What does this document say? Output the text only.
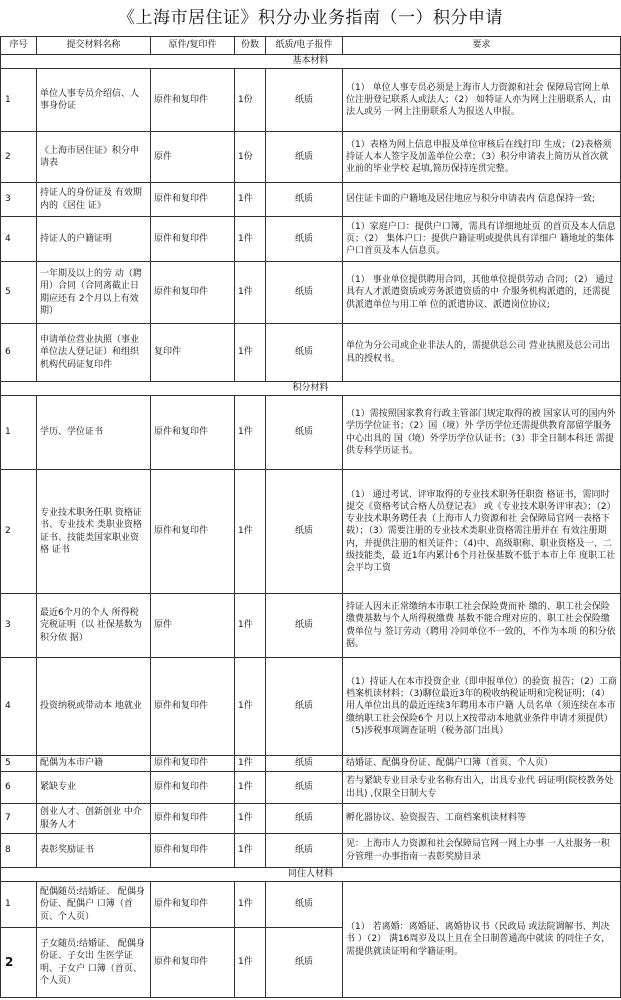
《上海市居住证》积分办业务指南（一）积分申请
序号	提交材料名称	原件/复印件	份数	纸质/电子报件	要求
基本材料					
1	单位人事专员介绍信、人事身份证	原件和复印件	1份	纸质	（1） 单位人事专员必须是上海市人力资源和社会 保障局官网上单位注册登记联系人或法人；（2） 如特证人亦为网上注册联系人，由法人或另 一网上注册联系人为报送人申报。
2	《上海市居住证》积分申请表	原件	1份	纸质	（1）表格为网上信息申报及单位审核后在线打印 生成；（2)表格须持证人本人签字及加盖单位公章；（3）积分申请表上简历从首次就业前的毕业学校 起填,简历保持连贯完整。
3	持证人的身份证及 有效期内的《居住 证》	原件和复印件	1件	纸质	居住证卡面的户籍地及居住地应与积分申请表内 信息保持一致;
4	持证人的户籍证明	原件和复印件	1件	纸质	（1）家庭户口：提供户口簿，需具有详细地址页 的首页及本人信息页；（2） 集体户口：提供户籍证明或提供具有详细户 籍地址的集体户口首页及本人信息页。
5	一年期及以上的劳 动（聘用）合同（合同离截止日期应还有 2个月以上有效期）	原件和复印件	1件	纸质	（1） 事业单位提供聘用合同，其他单位提供劳动 合同；（2） 通过具有人才派遣资质或劳务派遣资质的中 介服务机构派遣的，还需提供派遣单位与用工单 位的派遣协议、派遣岗位协议;
6	申请单位营业执照（事业单位法人登记证）和组织机构代码证复印件	复印件	1件	纸质	单位为分公司或企业非法人的，需提供总公司 营业执照及总公司出具的授权书。
积分材料					
1	学历、学位证书	原件和复印件	1件	纸质	（1）需按照国家教育行政主管部门规定取得的被 国家认可的国内外学历学位证书；（2）国（境）外 学历学位还需提供教育部留学服务中心出具的 国（境）外学历学位认证书；（3）非全日制本科还 需提供专科学历证书。
2	专业技术职务任职 资格证书、专业技术 类职业资格证书、技能类国家职业资格 证书	原件和复印件	1件	纸质	（1） 通过考试、评审取得的专业技术职务任职资 格证书，需同时提交《资格考试合格人员登记表》 或《专业技术职务评审表》；（2） 专业技术职务聘任表（上海市人力资源和社 会保障局官网一表格下载）；（3）需要注册的专业技术类职业资格需注册并在 有效注册期内，并提供注册的相关证件；（4)中、高级职称、职业资格及一、二级技能类，最 近1年内累计6个月社保基数不低于本市上年 度职工社会平均工资
3	最近6个月的个人 所得税完税证明（以 社保基数为积分依 据）	原件	1件	纸质	持证人因未正常缴纳本市职工社会保险费而补 缴的、职工社会保险缴费基数与个人所得税缴费 基数不能合理对应的、职工社会保险缴费单位与 签订劳动（聘用 冷同单位不一致的，不作为本项 的积分依据。
4	投资纳税或带动本 地就业	原件和复印件	1件	纸质	（1）持证人在本市投资企业（即申报单位）的验资 报告；（2）工商档案机读材料；（3)聊位最近3年的税收纳税证明和完税证明；（4）用人单位出具的最近连续3年聘用本市户籍 人员名单（须连续在本市缴纳职工社会保险6个 月以上X按带动本地就业条件申请才须提供）（5)涉税事项调查证明（税务部门出具）
5	配偶为本市户籍	原件和复印件	1件	纸质	结婚证、配偶身份证、配偶户口簿（首页、个人页）
6	紧缺专业	原件和复印件	1件	纸质	若与紧缺专业目录专业名称有出入，出具专业代 码证明(院校教务处出具) ,仅限全日制大专
7	创业人才、创新创业 中介服务人才	原件和复印件	1件	纸质	孵化器协议、验资报告、工商档案机读材料等
8	表彰奖励证书	原件和复印件	1件	纸质	见：上海市人力资源和社会保障局官网一网上办事 一人社服务一积分管理一办事指南一表彰奖励目录
同住人材料					
1	配偶随员:结婚证、 配偶身份证、配偶户 口簿（首页、个人页）	原件和复印件	1件	纸质	（1） 若离婚：离婚证、离婚协议书（民政局 或法院调解书、判决书 ）（2） 满16周岁及以上且在全日制普通高中就读 的同住子女，需提供就读证明和学籍证明。
2	子女随员:结婚证、 配偶身份证、子女出 生医学证明、子女户 口簿（首页、个人页）	原件和复印件	1件	纸质	
